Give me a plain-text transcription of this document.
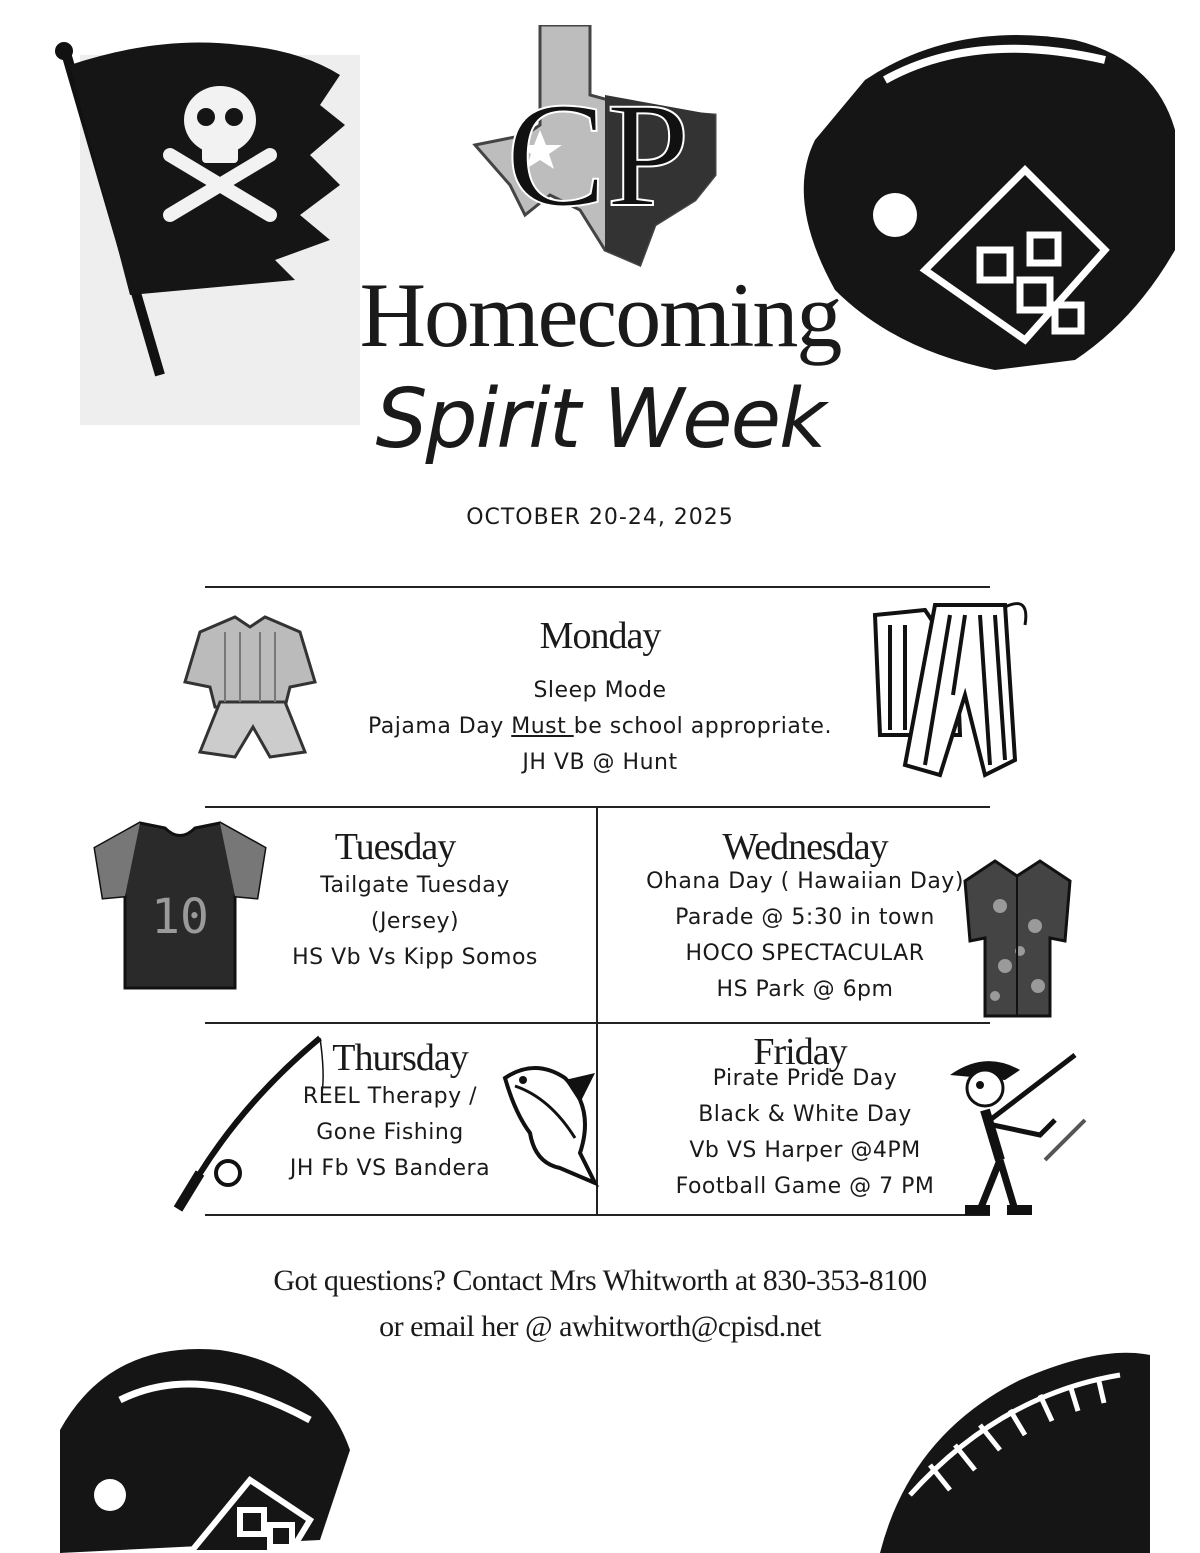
CP
Homecoming
Spirit Week
OCTOBER 20-24, 2025
Monday
Sleep Mode
Pajama Day Must be school appropriate.
JH VB @ Hunt
10
Tuesday
Tailgate Tuesday
(Jersey)
HS Vb Vs Kipp Somos
Wednesday
Ohana Day ( Hawaiian Day)
Parade @ 5:30 in town
HOCO SPECTACULAR
HS Park @ 6pm
Thursday
REEL Therapy /
Gone Fishing
JH Fb VS Bandera
Friday
Pirate Pride Day
Black & White Day
Vb VS Harper @4PM
Football Game @ 7 PM
Got questions? Contact Mrs Whitworth at 830-353-8100
or email her @ awhitworth@cpisd.net
